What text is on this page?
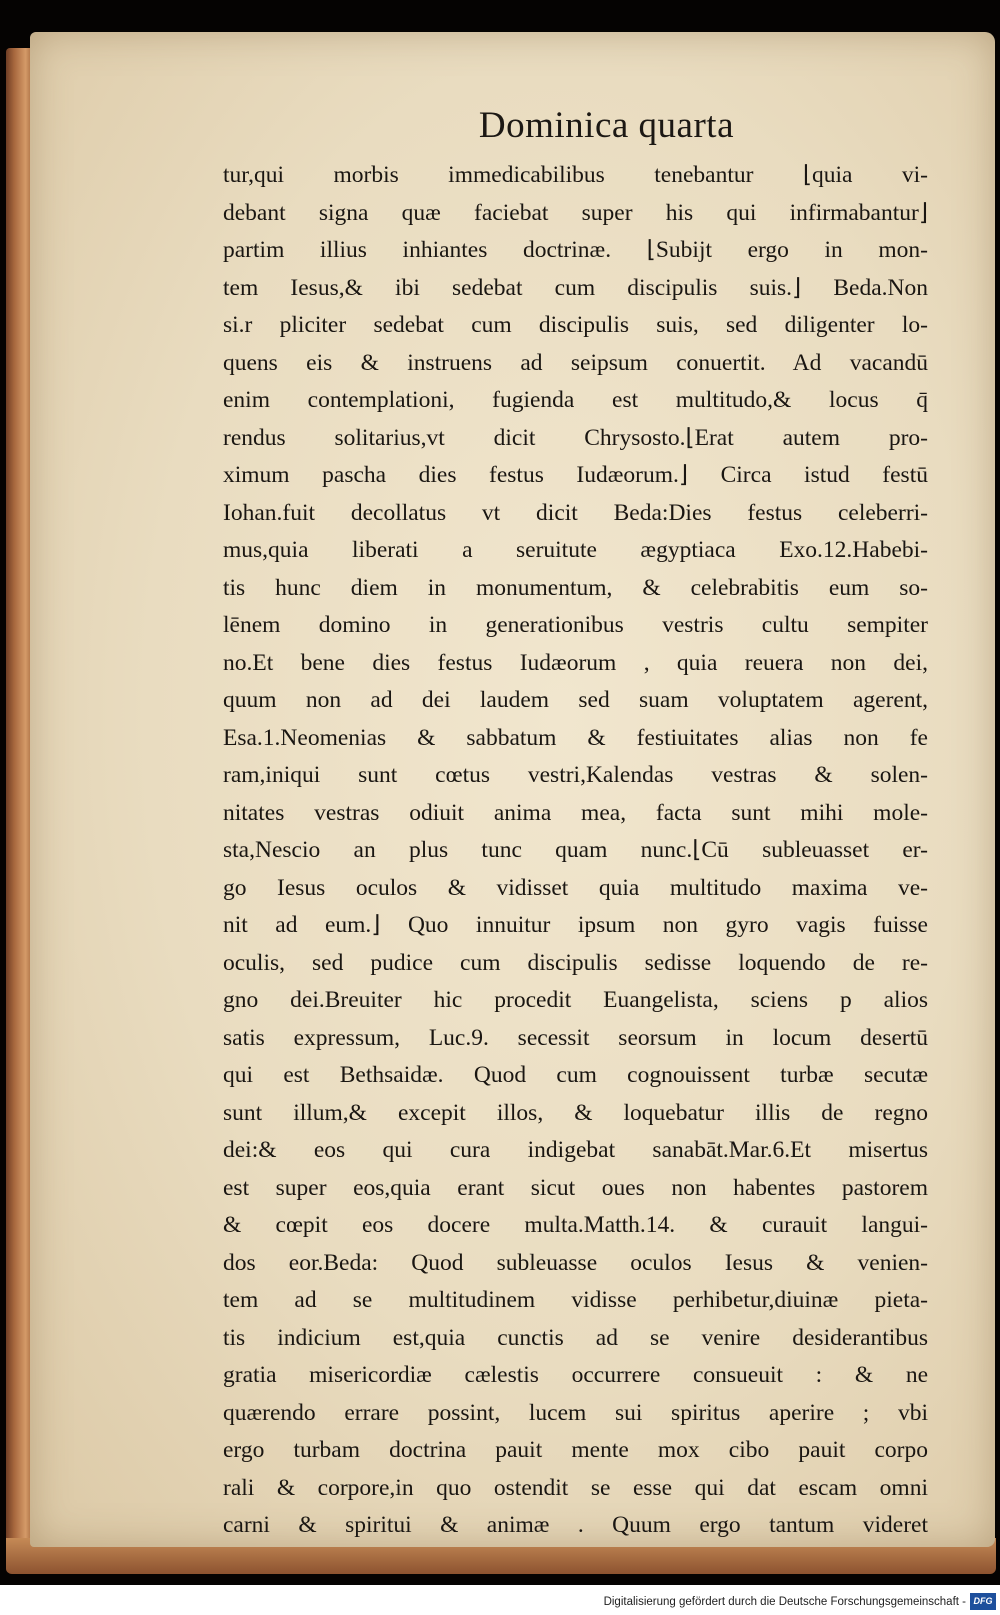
Dominica quarta
tur,qui morbis immedicabilibus tenebantur ⌊quia vi-
debant signa quæ faciebat super his qui infirmabantur⌋
partim illius inhiantes doctrinæ. ⌊Subijt ergo in mon-
tem Iesus,& ibi sedebat cum discipulis suis.⌋ Beda.Non
si.r pliciter sedebat cum discipulis suis, sed diligenter lo-
quens eis & instruens ad seipsum conuertit. Ad vacandū
enim contemplationi, fugienda est multitudo,& locus q̄
rendus solitarius,vt dicit Chrysosto.⌊Erat autem pro-
ximum pascha dies festus Iudæorum.⌋ Circa istud festū
Iohan.fuit decollatus vt dicit Beda:Dies festus celeberri-
mus,quia liberati a seruitute ægyptiaca Exo.12.Habebi-
tis hunc diem in monumentum, & celebrabitis eum so-
lēnem domino in generationibus vestris cultu sempiter
no.Et bene dies festus Iudæorum , quia reuera non dei,
quum non ad dei laudem sed suam voluptatem agerent,
Esa.1.Neomenias & sabbatum & festiuitates alias non fe
ram,iniqui sunt cœtus vestri,Kalendas vestras & solen-
nitates vestras odiuit anima mea, facta sunt mihi mole-
sta,Nescio an plus tunc quam nunc.⌊Cū subleuasset er-
go Iesus oculos & vidisset quia multitudo maxima ve-
nit ad eum.⌋ Quo innuitur ipsum non gyro vagis fuisse
oculis, sed pudice cum discipulis sedisse loquendo de re-
gno dei.Breuiter hic procedit Euangelista, sciens p alios
satis expressum, Luc.9. secessit seorsum in locum desertū
qui est Bethsaidæ. Quod cum cognouissent turbæ secutæ
sunt illum,& excepit illos, & loquebatur illis de regno
dei:& eos qui cura indigebat sanabāt.Mar.6.Et misertus
est super eos,quia erant sicut oues non habentes pastorem
& cœpit eos docere multa.Matth.14. & curauit langui-
dos eor.Beda: Quod subleuasse oculos Iesus & venien-
tem ad se multitudinem vidisse perhibetur,diuinæ pieta-
tis indicium est,quia cunctis ad se venire desiderantibus
gratia misericordiæ cælestis occurrere consueuit : & ne
quærendo errare possint, lucem sui spiritus aperire ; vbi
ergo turbam doctrina pauit mente mox cibo pauit corpo
rali & corpore,in quo ostendit se esse qui dat escam omni
carni & spiritui & animæ . Quum ergo tantum videret
Digitalisierung gefördert durch die Deutsche Forschungsgemeinschaft - DFG
